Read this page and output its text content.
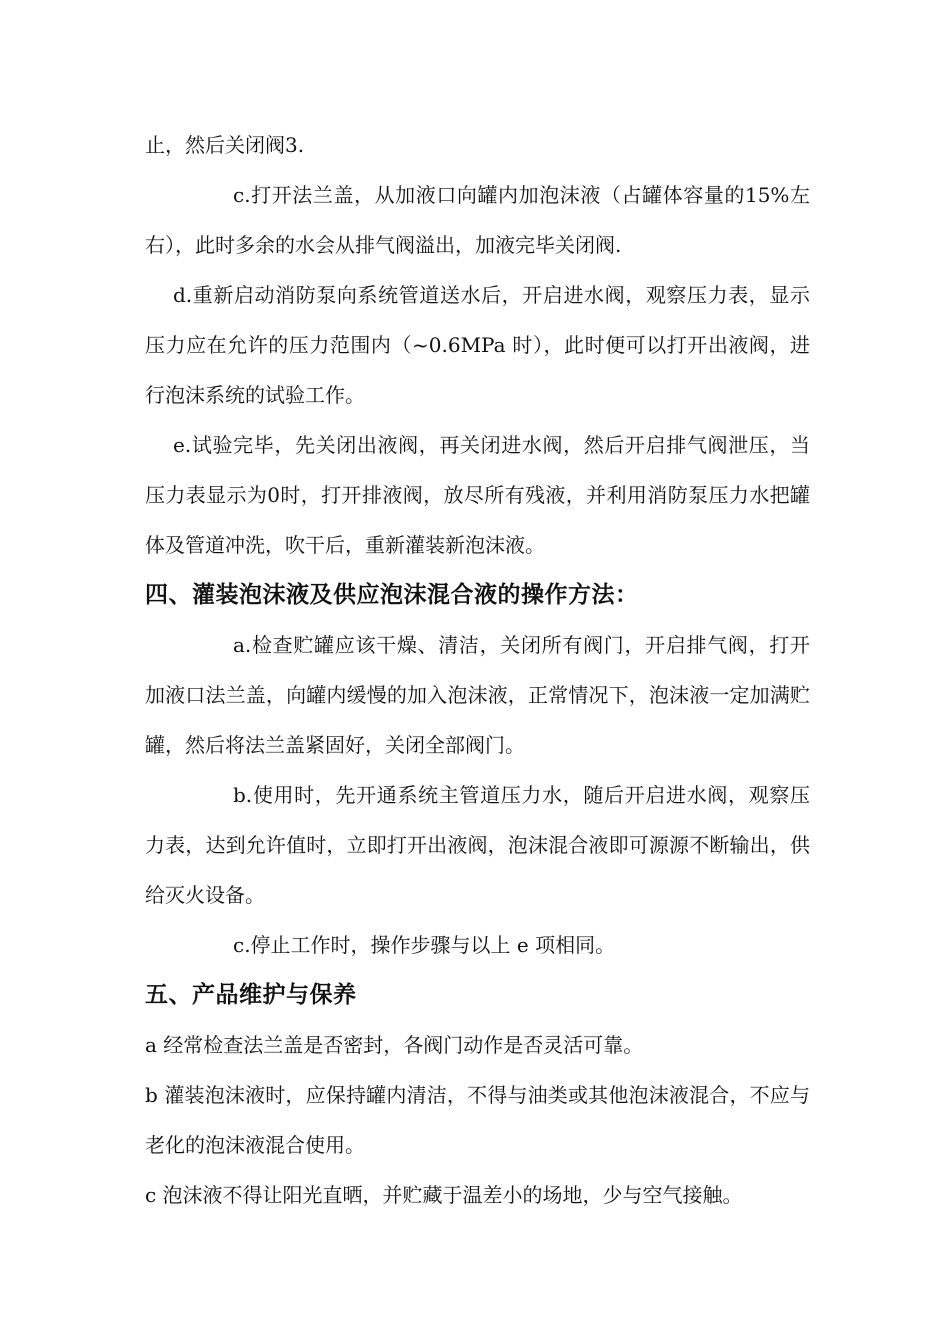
止，然后关闭阀3.

c.打开法兰盖，从加液口向罐内加泡沫液（占罐体容量的15%左右），此时多余的水会从排气阀溢出，加液完毕关闭阀.

d.重新启动消防泵向系统管道送水后，开启进水阀，观察压力表，显示压力应在允许的压力范围内（~0.6MPa 时），此时便可以打开出液阀，进行泡沫系统的试验工作。

e.试验完毕，先关闭出液阀，再关闭进水阀，然后开启排气阀泄压，当压力表显示为0时，打开排液阀，放尽所有残液，并利用消防泵压力水把罐体及管道冲洗，吹干后，重新灌装新泡沫液。

四、灌装泡沫液及供应泡沫混合液的操作方法：

a.检查贮罐应该干燥、清洁，关闭所有阀门，开启排气阀，打开加液口法兰盖，向罐内缓慢的加入泡沫液，正常情况下，泡沫液一定加满贮罐，然后将法兰盖紧固好，关闭全部阀门。

b.使用时，先开通系统主管道压力水，随后开启进水阀，观察压力表，达到允许值时，立即打开出液阀，泡沫混合液即可源源不断输出，供给灭火设备。

c.停止工作时，操作步骤与以上 e 项相同。

五、产品维护与保养

a 经常检查法兰盖是否密封，各阀门动作是否灵活可靠。

b 灌装泡沫液时，应保持罐内清洁，不得与油类或其他泡沫液混合，不应与老化的泡沫液混合使用。

c 泡沫液不得让阳光直晒，并贮藏于温差小的场地，少与空气接触。
